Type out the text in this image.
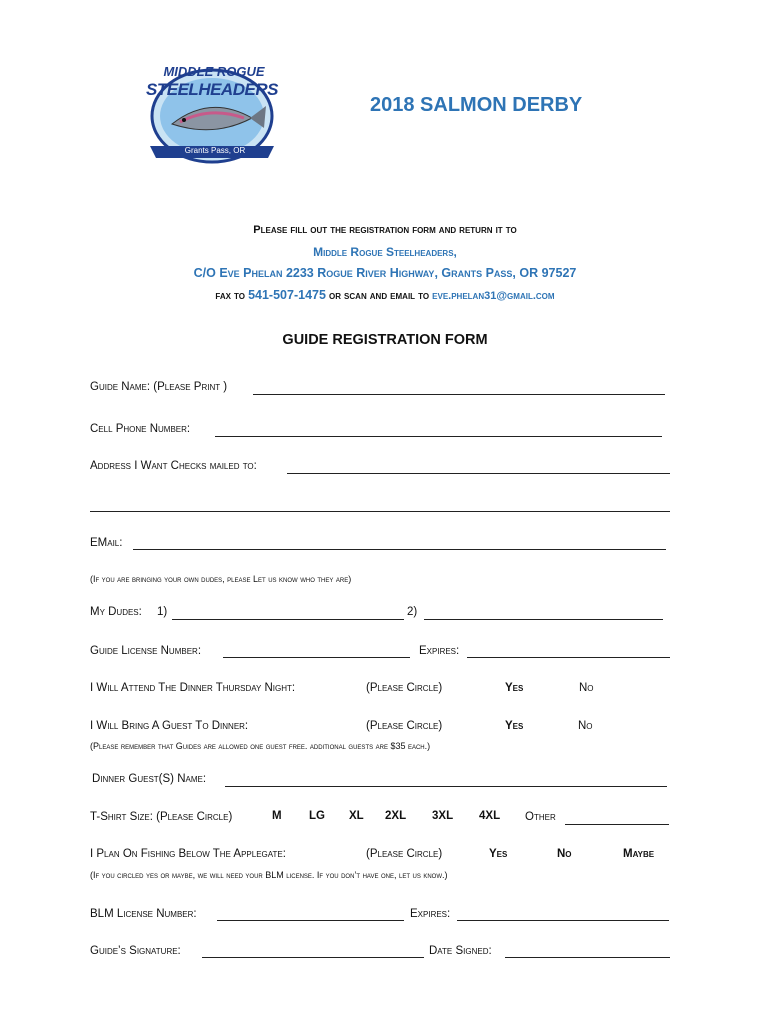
MIDDLE ROGUE
STEELHEADERS
Grants Pass, OR
2018 SALMON DERBY
Please fill out the registration form and return it to
Middle Rogue Steelheaders,
C/O Eve Phelan 2233 Rogue River Highway, Grants Pass, OR 97527
fax to 541-507-1475 or scan and email to eve.phelan31@gmail.com
GUIDE REGISTRATION FORM
Guide Name: (Please Print )
Cell Phone Number:
Address I Want Checks mailed to:
EMail:
(If you are bringing your own dudes, please Let us know who they are)
My Dudes: 1)	2)
Guide License Number:	Expires:
I Will Attend The Dinner Thursday Night:	(Please Circle)	Yes	No
I Will Bring A Guest To Dinner:	(Please Circle)	Yes	No
(Please remember that Guides are allowed one guest free. additional guests are $35 each.)
Dinner Guest(S) Name:
T-Shirt Size: (Please Circle)	M LG XL 2XL 3XL 4XL Other
I Plan On Fishing Below The Applegate:	(Please Circle)	Yes	No	Maybe
(If you circled yes or maybe, we will need your BLM license. If you don’t have one, let us know.)
BLM License Number:	Expires:
Guide’s Signature:	Date Signed:
